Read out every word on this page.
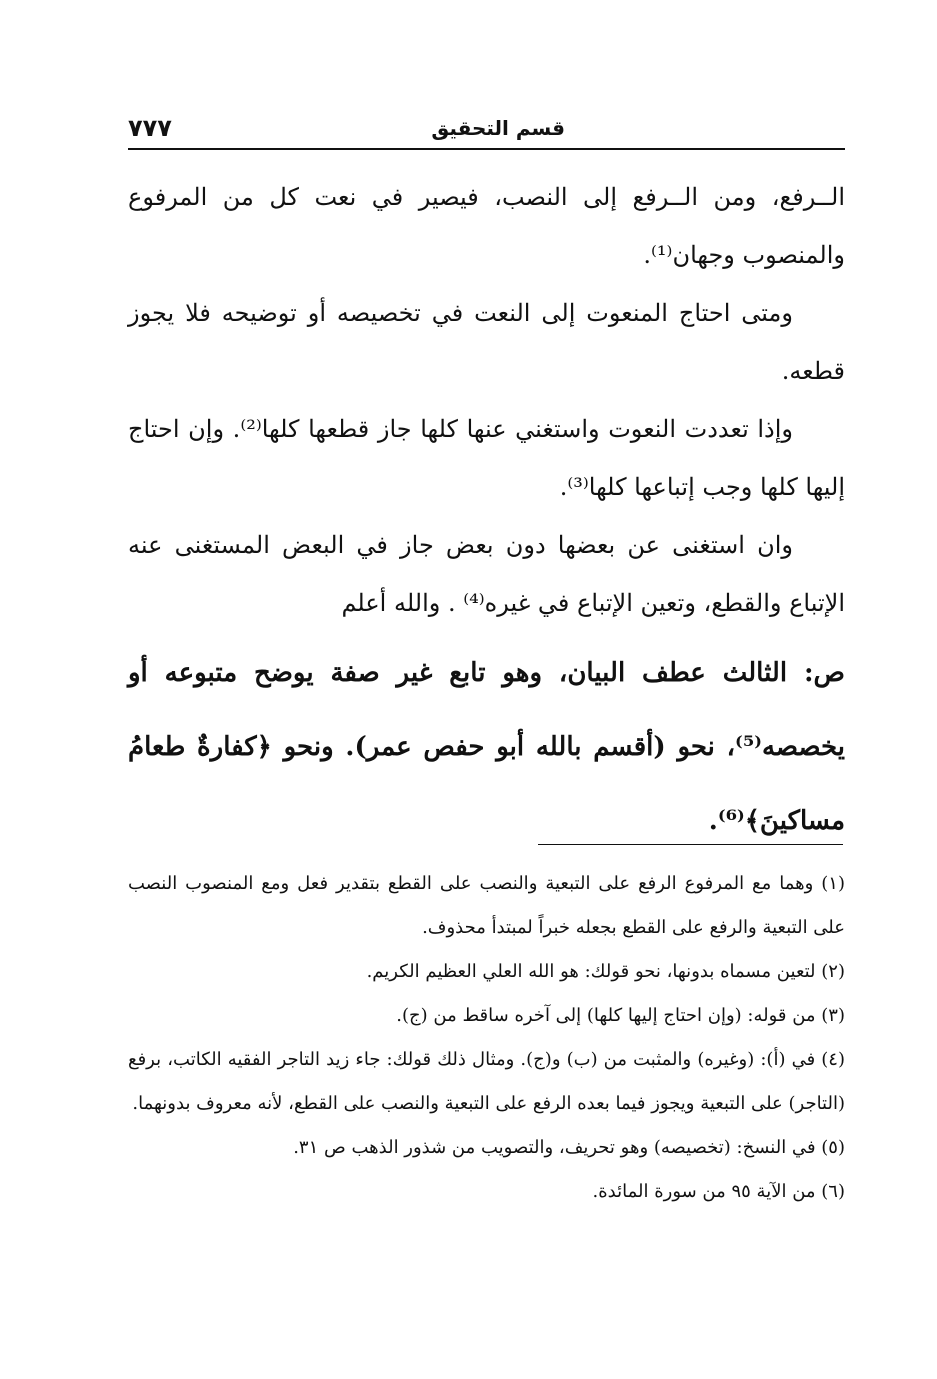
قسم التحقيق
٧٧٧

الــرفع، ومن الــرفع إلى النصب، فيصير في نعت كل من المرفوع والمنصوب وجهان⁽¹⁾.

ومتى احتاج المنعوت إلى النعت في تخصيصه أو توضيحه فلا يجوز قطعه.

وإذا تعددت النعوت واستغني عنها كلها جاز قطعها كلها⁽²⁾. وإن احتاج إليها كلها وجب إتباعها كلها⁽³⁾.

وان استغنى عن بعضها دون بعض جاز في البعض المستغنى عنه الإتباع والقطع، وتعين الإتباع في غيره⁽⁴⁾ . والله أعلم

ص: الثالث عطف البيان، وهو تابع غير صفة يوضح متبوعه أو يخصصه⁽⁵⁾، نحو (أقسم بالله أبو حفص عمر). ونحو ﴿كفارةٌ طعامُ مساكينَ﴾⁽⁶⁾.

(١) وهما مع المرفوع الرفع على التبعية والنصب على القطع بتقدير فعل ومع المنصوب النصب على التبعية والرفع على القطع بجعله خبراً لمبتدأ محذوف.

(٢) لتعين مسماه بدونها، نحو قولك: هو الله العلي العظيم الكريم.

(٣) من قوله: (وإن احتاج إليها كلها) إلى آخره ساقط من (ج).

(٤) في (أ): (وغيره) والمثبت من (ب) و(ج). ومثال ذلك قولك: جاء زيد التاجر الفقيه الكاتب، برفع (التاجر) على التبعية ويجوز فيما بعده الرفع على التبعية والنصب على القطع، لأنه معروف بدونهما.

(٥) في النسخ: (تخصيصه) وهو تحريف، والتصويب من شذور الذهب ص ٣١.

(٦) من الآية ٩٥ من سورة المائدة.
